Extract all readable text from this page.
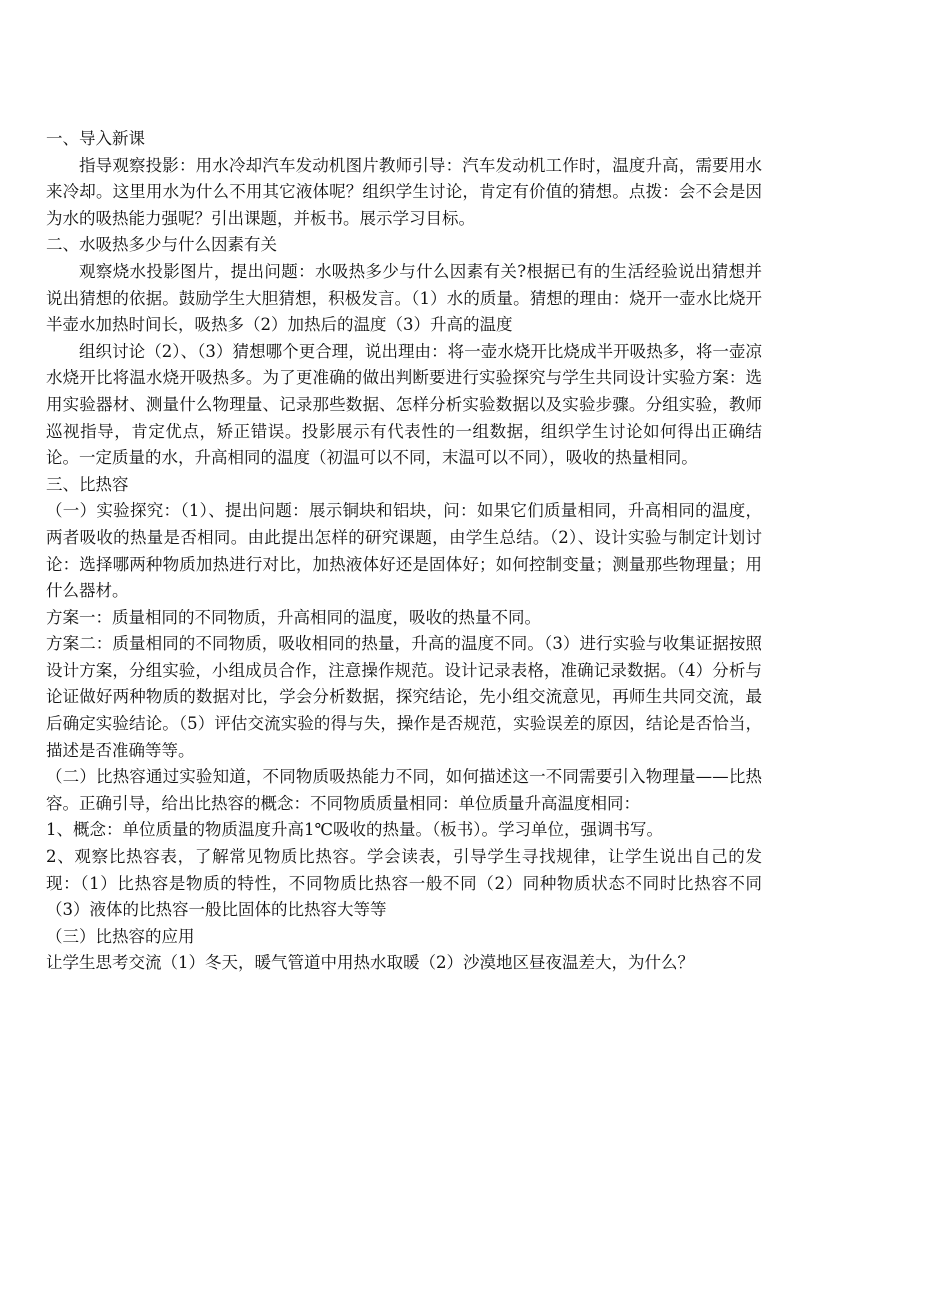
一、导入新课

指导观察投影：用水冷却汽车发动机图片教师引导：汽车发动机工作时，温度升高，需要用水来冷却。这里用水为什么不用其它液体呢？组织学生讨论，肯定有价值的猜想。点拨：会不会是因为水的吸热能力强呢？引出课题，并板书。展示学习目标。

二、水吸热多少与什么因素有关

观察烧水投影图片，提出问题：水吸热多少与什么因素有关?根据已有的生活经验说出猜想并说出猜想的依据。鼓励学生大胆猜想，积极发言。（1）水的质量。猜想的理由：烧开一壶水比烧开半壶水加热时间长，吸热多（2）加热后的温度（3）升高的温度

组织讨论（2）、（3）猜想哪个更合理，说出理由：将一壶水烧开比烧成半开吸热多，将一壶凉水烧开比将温水烧开吸热多。为了更准确的做出判断要进行实验探究与学生共同设计实验方案：选用实验器材、测量什么物理量、记录那些数据、怎样分析实验数据以及实验步骤。分组实验，教师巡视指导，肯定优点，矫正错误。投影展示有代表性的一组数据，组织学生讨论如何得出正确结论。一定质量的水，升高相同的温度（初温可以不同，末温可以不同），吸收的热量相同。

三、比热容

（一）实验探究：（1）、提出问题：展示铜块和铝块，问：如果它们质量相同，升高相同的温度，两者吸收的热量是否相同。由此提出怎样的研究课题，由学生总结。（2）、设计实验与制定计划讨论：选择哪两种物质加热进行对比，加热液体好还是固体好；如何控制变量；测量那些物理量；用什么器材。

方案一：质量相同的不同物质，升高相同的温度，吸收的热量不同。

方案二：质量相同的不同物质，吸收相同的热量，升高的温度不同。（3）进行实验与收集证据按照设计方案，分组实验，小组成员合作，注意操作规范。设计记录表格，准确记录数据。（4）分析与论证做好两种物质的数据对比，学会分析数据，探究结论，先小组交流意见，再师生共同交流，最后确定实验结论。（5）评估交流实验的得与失，操作是否规范，实验误差的原因，结论是否恰当，描述是否准确等等。

（二）比热容通过实验知道，不同物质吸热能力不同，如何描述这一不同需要引入物理量——比热容。正确引导，给出比热容的概念：不同物质质量相同：单位质量升高温度相同：

1、概念：单位质量的物质温度升高1℃吸收的热量。（板书）。学习单位，强调书写。

2、观察比热容表，了解常见物质比热容。学会读表，引导学生寻找规律，让学生说出自己的发现：（1）比热容是物质的特性，不同物质比热容一般不同（2）同种物质状态不同时比热容不同（3）液体的比热容一般比固体的比热容大等等

（三）比热容的应用

让学生思考交流（1）冬天，暖气管道中用热水取暖（2）沙漠地区昼夜温差大，为什么？
